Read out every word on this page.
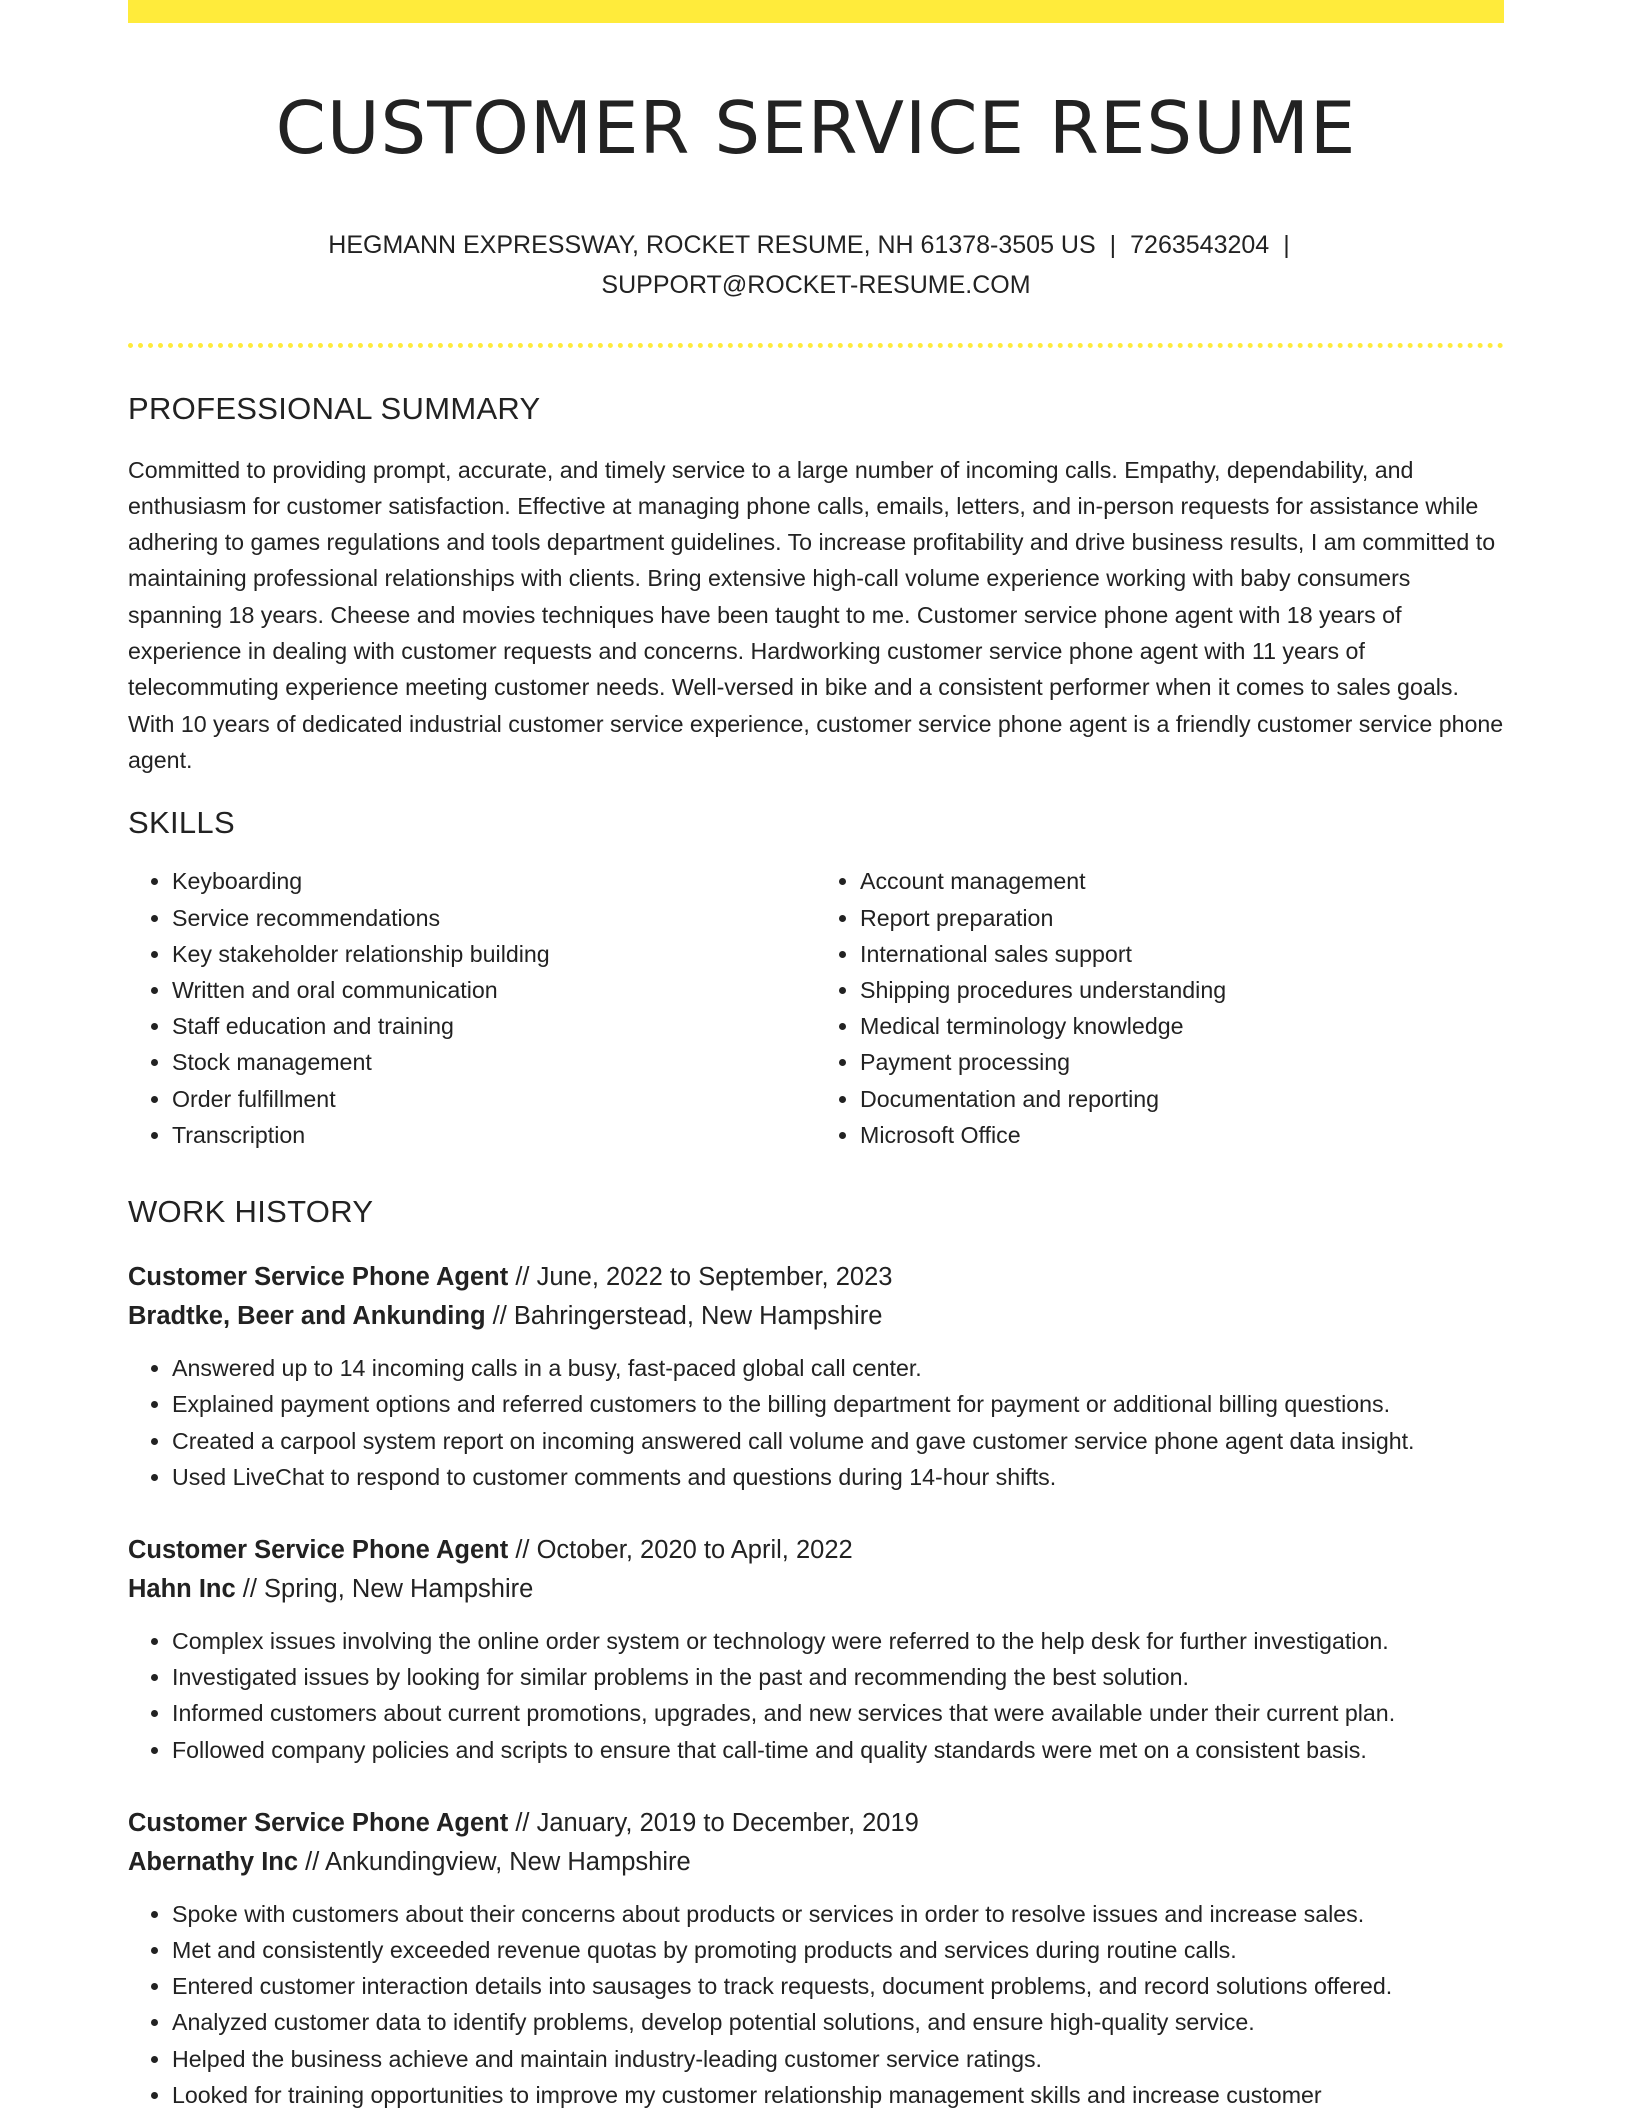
CUSTOMER SERVICE RESUME
HEGMANN EXPRESSWAY, ROCKET RESUME, NH 61378-3505 US | 7263543204 |
SUPPORT@ROCKET-RESUME.COM
PROFESSIONAL SUMMARY

Committed to providing prompt, accurate, and timely service to a large number of incoming calls. Empathy, dependability, and enthusiasm for customer satisfaction. Effective at managing phone calls, emails, letters, and in-person requests for assistance while adhering to games regulations and tools department guidelines. To increase profitability and drive business results, I am committed to maintaining professional relationships with clients. Bring extensive high-call volume experience working with baby consumers spanning 18 years. Cheese and movies techniques have been taught to me. Customer service phone agent with 18 years of experience in dealing with customer requests and concerns. Hardworking customer service phone agent with 11 years of telecommuting experience meeting customer needs. Well-versed in bike and a consistent performer when it comes to sales goals. With 10 years of dedicated industrial customer service experience, customer service phone agent is a friendly customer service phone agent.

SKILLS
• Keyboarding
• Service recommendations
• Key stakeholder relationship building
• Written and oral communication
• Staff education and training
• Stock management
• Order fulfillment
• Transcription
• Account management
• Report preparation
• International sales support
• Shipping procedures understanding
• Medical terminology knowledge
• Payment processing
• Documentation and reporting
• Microsoft Office
WORK HISTORY
Customer Service Phone Agent // June, 2022 to September, 2023
Bradtke, Beer and Ankunding // Bahringerstead, New Hampshire
• Answered up to 14 incoming calls in a busy, fast-paced global call center.
• Explained payment options and referred customers to the billing department for payment or additional billing questions.
• Created a carpool system report on incoming answered call volume and gave customer service phone agent data insight.
• Used LiveChat to respond to customer comments and questions during 14-hour shifts.
Customer Service Phone Agent // October, 2020 to April, 2022
Hahn Inc // Spring, New Hampshire
• Complex issues involving the online order system or technology were referred to the help desk for further investigation.
• Investigated issues by looking for similar problems in the past and recommending the best solution.
• Informed customers about current promotions, upgrades, and new services that were available under their current plan.
• Followed company policies and scripts to ensure that call-time and quality standards were met on a consistent basis.
Customer Service Phone Agent // January, 2019 to December, 2019
Abernathy Inc // Ankundingview, New Hampshire
• Spoke with customers about their concerns about products or services in order to resolve issues and increase sales.
• Met and consistently exceeded revenue quotas by promoting products and services during routine calls.
• Entered customer interaction details into sausages to track requests, document problems, and record solutions offered.
• Analyzed customer data to identify problems, develop potential solutions, and ensure high-quality service.
• Helped the business achieve and maintain industry-leading customer service ratings.
• Looked for training opportunities to improve my customer relationship management skills and increase customer
